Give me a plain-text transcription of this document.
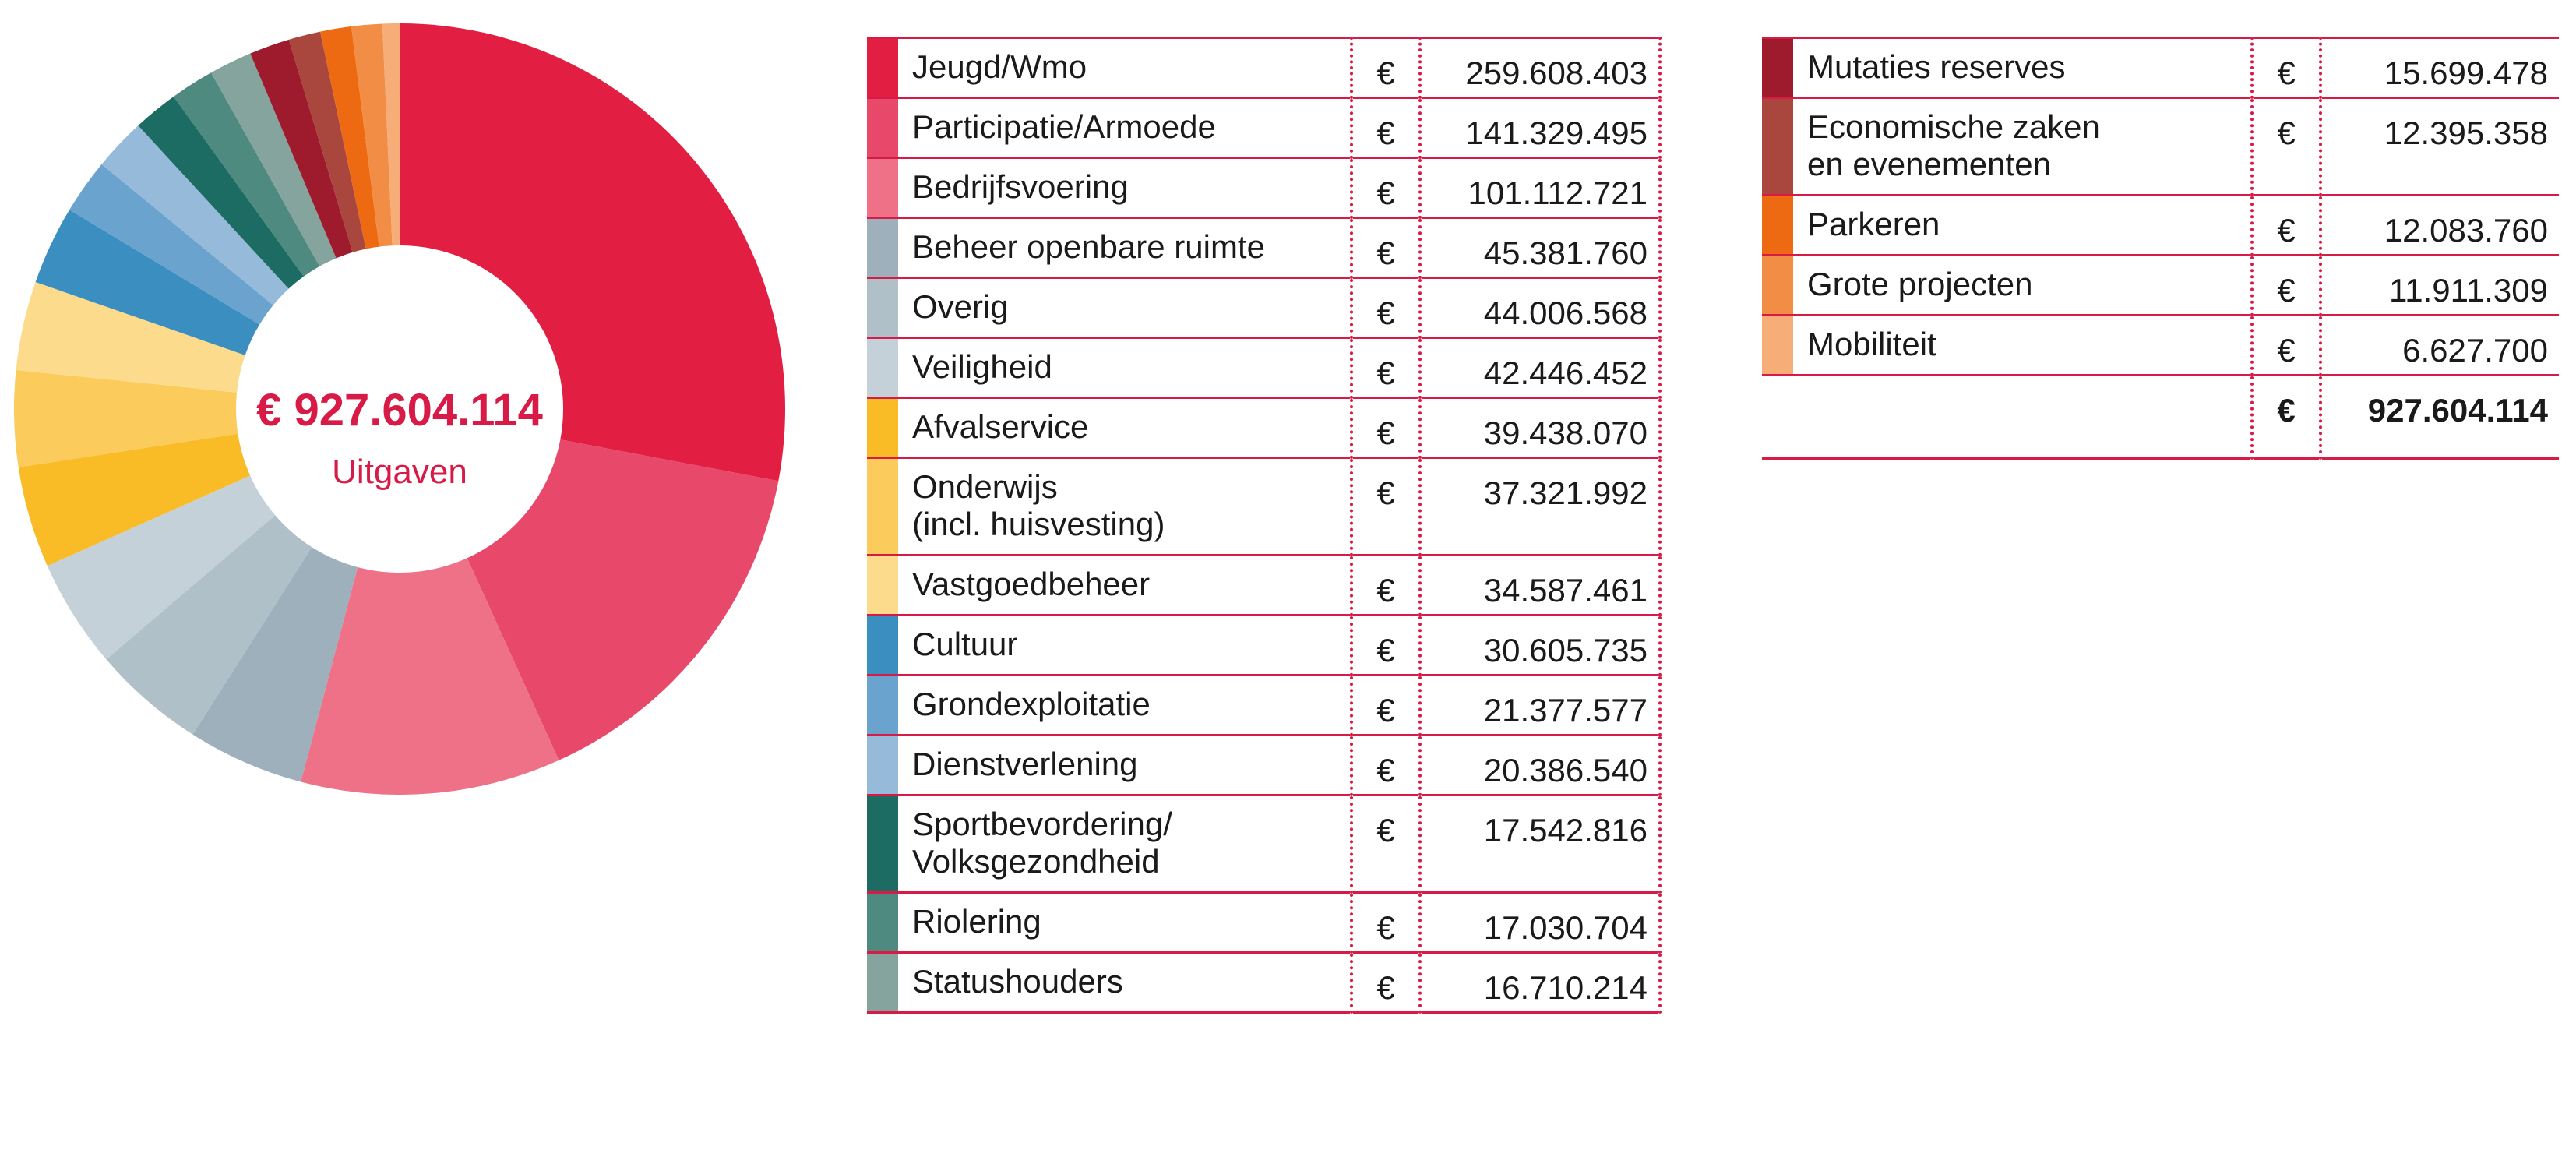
€ 927.604.114
Uitgaven
	Jeugd/Wmo	€	259.608.403
	Participatie/Armoede	€	141.329.495
	Bedrijfsvoering	€	101.112.721
	Beheer openbare ruimte	€	45.381.760
	Overig	€	44.006.568
	Veiligheid	€	42.446.452
	Afvalservice	€	39.438.070
	Onderwijs
(incl. huisvesting)	€	37.321.992
	Vastgoedbeheer	€	34.587.461
	Cultuur	€	30.605.735
	Grondexploitatie	€	21.377.577
	Dienstverlening	€	20.386.540
	Sportbevordering/
Volksgezondheid	€	17.542.816
	Riolering	€	17.030.704
	Statushouders	€	16.710.214
	Mutaties reserves	€	15.699.478
	Economische zaken
en evenementen	€	12.395.358
	Parkeren	€	12.083.760
	Grote projecten	€	11.911.309
	Mobiliteit	€	6.627.700
		€	927.604.114
